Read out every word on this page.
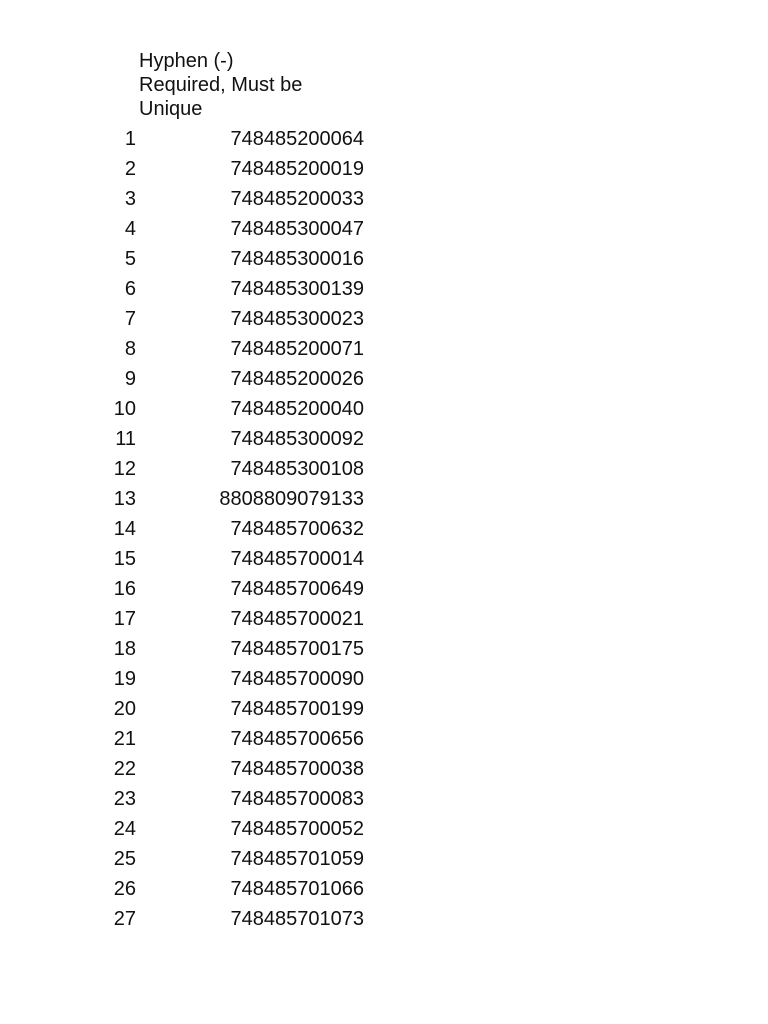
Hyphen (-)
Required, Must be
Unique
1	748485200064
2	748485200019
3	748485200033
4	748485300047
5	748485300016
6	748485300139
7	748485300023
8	748485200071
9	748485200026
10	748485200040
11	748485300092
12	748485300108
13	8808809079133
14	748485700632
15	748485700014
16	748485700649
17	748485700021
18	748485700175
19	748485700090
20	748485700199
21	748485700656
22	748485700038
23	748485700083
24	748485700052
25	748485701059
26	748485701066
27	748485701073
